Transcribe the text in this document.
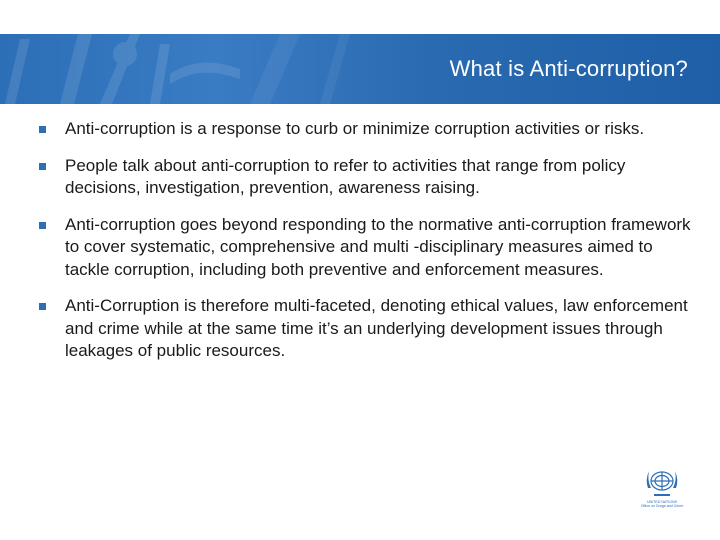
What is Anti-corruption?
Anti-corruption is a response to curb or minimize corruption activities or risks.
People talk about anti-corruption to refer to activities that range from policy decisions, investigation, prevention, awareness raising.
Anti-corruption goes beyond responding to the normative anti-corruption framework to cover systematic, comprehensive and multi -disciplinary measures aimed to tackle corruption, including both preventive and enforcement measures.
Anti-Corruption is therefore multi-faceted, denoting ethical values, law enforcement and crime while at the same time it’s an underlying development issues through leakages of public resources.
UNITED NATIONS
Office on Drugs and Crime
